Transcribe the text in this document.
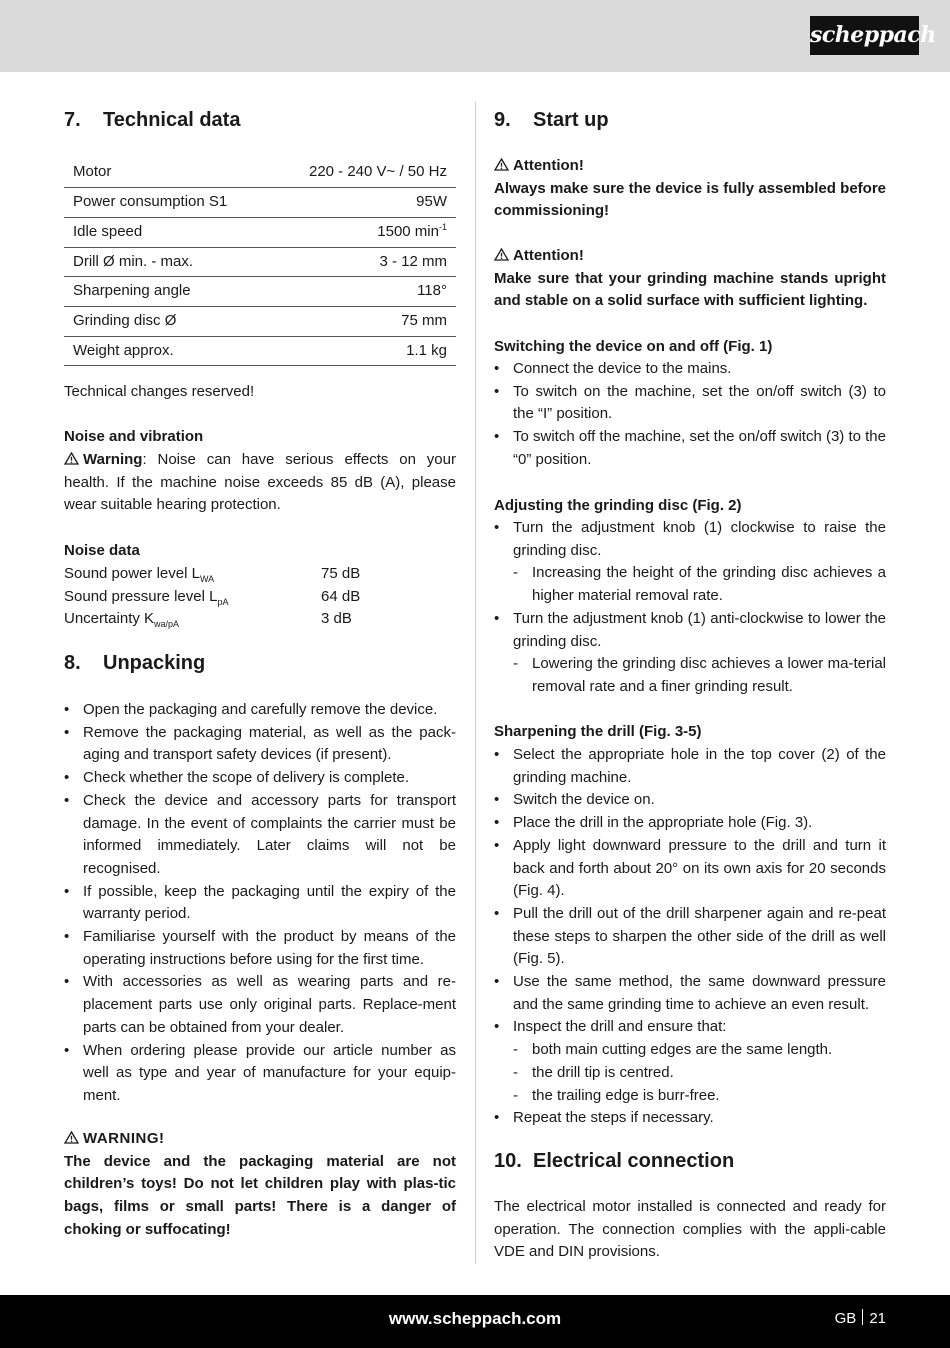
scheppach
7. Technical data
Motor	220 - 240 V~ / 50 Hz
Power consumption S1	95W
Idle speed	1500 $\min^{-1}$
Drill Ø min. - max.	3 - 12 mm
Sharpening angle	118°
Grinding disc Ø	75 mm
Weight approx.	1.1 kg
Technical changes reserved!
Noise and vibration
Warning: Noise can have serious effects on your
health. If the machine noise exceeds 85 dB (A), please
wear suitable hearing protection.
Noise data
Sound power level $L_{WA}$	75 dB
Sound pressure level $L_{pA}$	64 dB
Uncertainty $K_{wa/pA}$	3 dB
8. Unpacking
• Open the packaging and carefully remove the device.
• Remove the packaging material, as well as the pack-aging and transport safety devices (if present).
• Check whether the scope of delivery is complete.
• Check the device and accessory parts for transport damage. In the event of complaints the carrier must be informed immediately. Later claims will not be recognised.
• If possible, keep the packaging until the expiry of the warranty period.
• Familiarise yourself with the product by means of the operating instructions before using for the first time.
• With accessories as well as wearing parts and re-placement parts use only original parts. Replace-ment parts can be obtained from your dealer.
• When ordering please provide our article number as well as type and year of manufacture for your equip-ment.
WARNING!
The device and the packaging material are not children’s toys! Do not let children play with plas-tic bags, films or small parts! There is a danger of choking or suffocating!
9. Start up
Attention!
Always make sure the device is fully assembled before commissioning!
Attention!
Make sure that your grinding machine stands upright and stable on a solid surface with sufficient lighting.
Switching the device on and off (Fig. 1)
• Connect the device to the mains.
• To switch on the machine, set the on/off switch (3) to the “I” position.
• To switch off the machine, set the on/off switch (3) to the “0” position.
Adjusting the grinding disc (Fig. 2)
• Turn the adjustment knob (1) clockwise to raise the grinding disc.
- Increasing the height of the grinding disc achieves a higher material removal rate.
• Turn the adjustment knob (1) anti-clockwise to lower the grinding disc.
- Lowering the grinding disc achieves a lower ma-terial removal rate and a finer grinding result.
Sharpening the drill (Fig. 3-5)
• Select the appropriate hole in the top cover (2) of the grinding machine.
• Switch the device on.
• Place the drill in the appropriate hole (Fig. 3).
• Apply light downward pressure to the drill and turn it back and forth about 20° on its own axis for 20 seconds (Fig. 4).
• Pull the drill out of the drill sharpener again and re-peat these steps to sharpen the other side of the drill as well (Fig. 5).
• Use the same method, the same downward pressure and the same grinding time to achieve an even result.
• Inspect the drill and ensure that:
- both main cutting edges are the same length.
- the drill tip is centred.
- the trailing edge is burr-free.
• Repeat the steps if necessary.
10. Electrical connection
The electrical motor installed is connected and ready for operation. The connection complies with the appli-cable VDE and DIN provisions.
www.scheppach.com	GB 21
